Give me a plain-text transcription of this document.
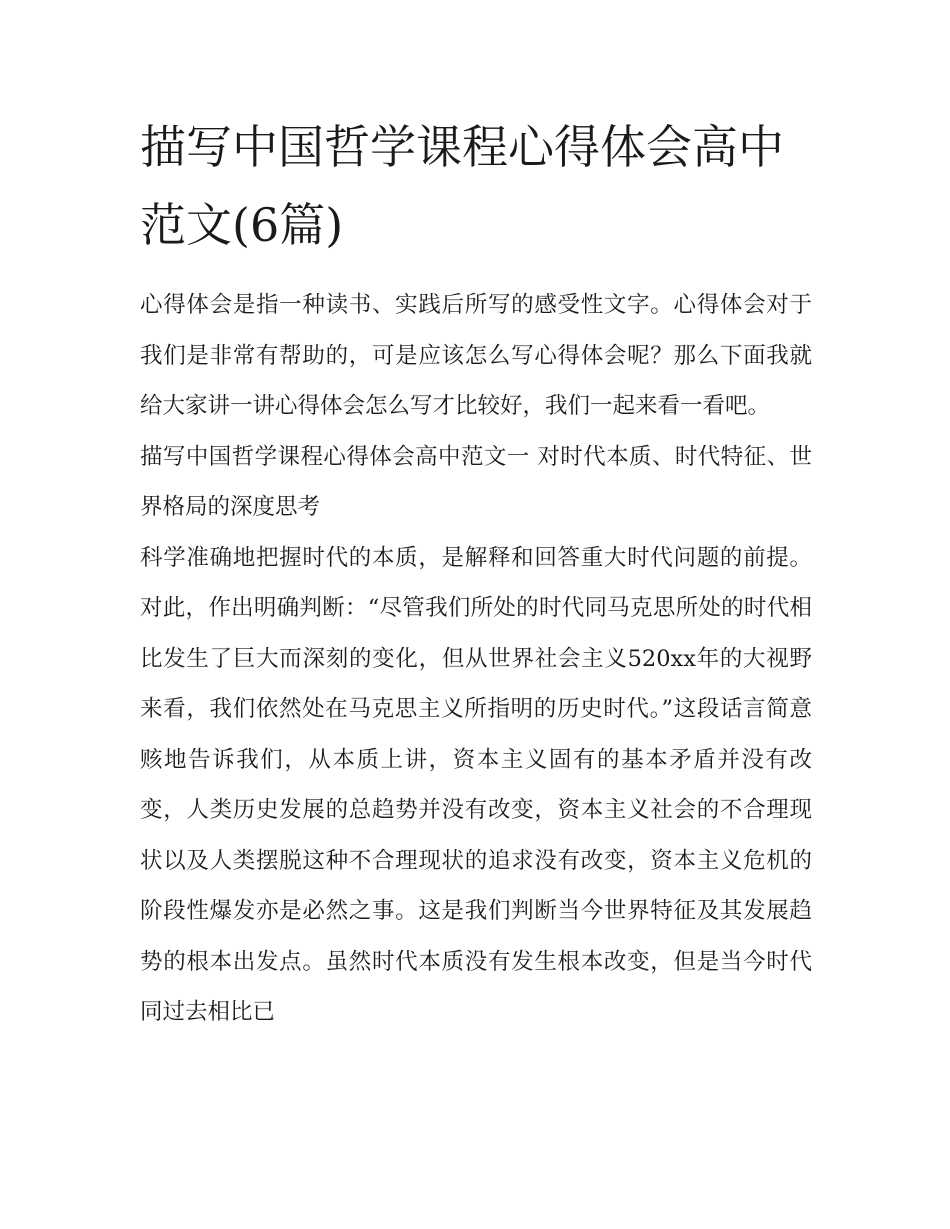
描写中国哲学课程心得体会高中范文(6篇)

心得体会是指一种读书、实践后所写的感受性文字。心得体会对于我们是非常有帮助的，可是应该怎么写心得体会呢？那么下面我就给大家讲一讲心得体会怎么写才比较好，我们一起来看一看吧。

描写中国哲学课程心得体会高中范文一 对时代本质、时代特征、世界格局的深度思考

科学准确地把握时代的本质，是解释和回答重大时代问题的前提。对此，作出明确判断：“尽管我们所处的时代同马克思所处的时代相比发生了巨大而深刻的变化，但从世界社会主义520xx年的大视野来看，我们依然处在马克思主义所指明的历史时代。”这段话言简意赅地告诉我们，从本质上讲，资本主义固有的基本矛盾并没有改变，人类历史发展的总趋势并没有改变，资本主义社会的不合理现状以及人类摆脱这种不合理现状的追求没有改变，资本主义危机的阶段性爆发亦是必然之事。这是我们判断当今世界特征及其发展趋势的根本出发点。虽然时代本质没有发生根本改变，但是当今时代同过去相比已
